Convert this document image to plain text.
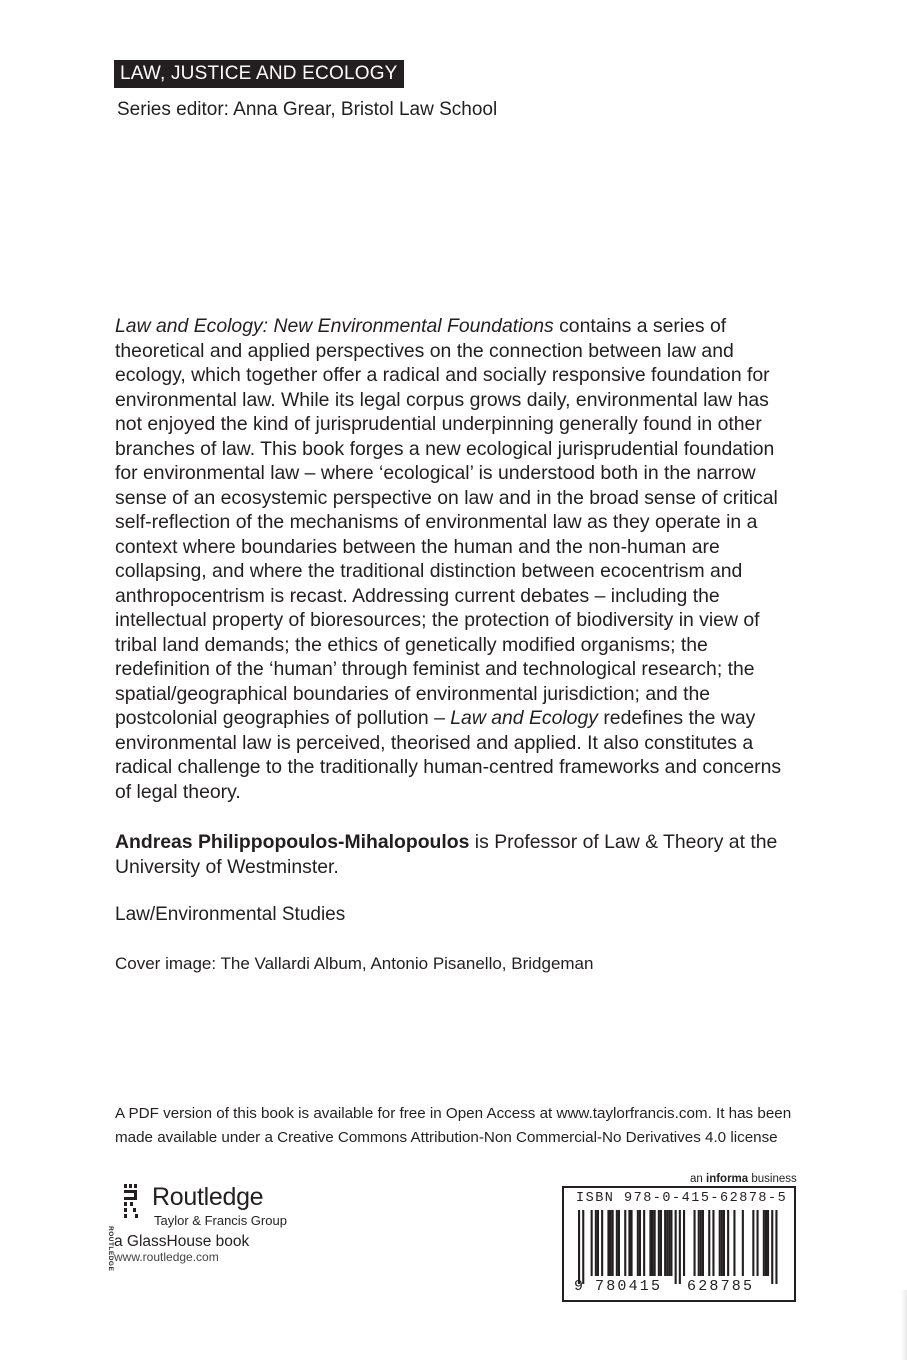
LAW, JUSTICE AND ECOLOGY
Series editor: Anna Grear, Bristol Law School
Law and Ecology: New Environmental Foundations contains a series of theoretical and applied perspectives on the connection between law and ecology, which together offer a radical and socially responsive foundation for environmental law. While its legal corpus grows daily, environmental law has not enjoyed the kind of jurisprudential underpinning generally found in other branches of law. This book forges a new ecological jurisprudential foundation for environmental law – where ‘ecological’ is understood both in the narrow sense of an ecosystemic perspective on law and in the broad sense of critical self-reflection of the mechanisms of environmental law as they operate in a context where boundaries between the human and the non-human are collapsing, and where the traditional distinction between ecocentrism and anthropocentrism is recast. Addressing current debates – including the intellectual property of bioresources; the protection of biodiversity in view of tribal land demands; the ethics of genetically modified organisms; the redefinition of the ‘human’ through feminist and technological research; the spatial/geographical boundaries of environmental jurisdiction; and the postcolonial geographies of pollution – Law and Ecology redefines the way environmental law is perceived, theorised and applied. It also constitutes a radical challenge to the traditionally human-centred frameworks and concerns of legal theory.
Andreas Philippopoulos-Mihalopoulos is Professor of Law & Theory at the University of Westminster.
Law/Environmental Studies
Cover image: The Vallardi Album, Antonio Pisanello, Bridgeman
A PDF version of this book is available for free in Open Access at www.taylorfrancis.com. It has been
made available under a Creative Commons Attribution-Non Commercial-No Derivatives 4.0 license
ROUTLEDGE
Routledge
Taylor & Francis Group
a GlassHouse book
www.routledge.com
an informa business
ISBN 978-0-415-62878-5
9 780415 628785
